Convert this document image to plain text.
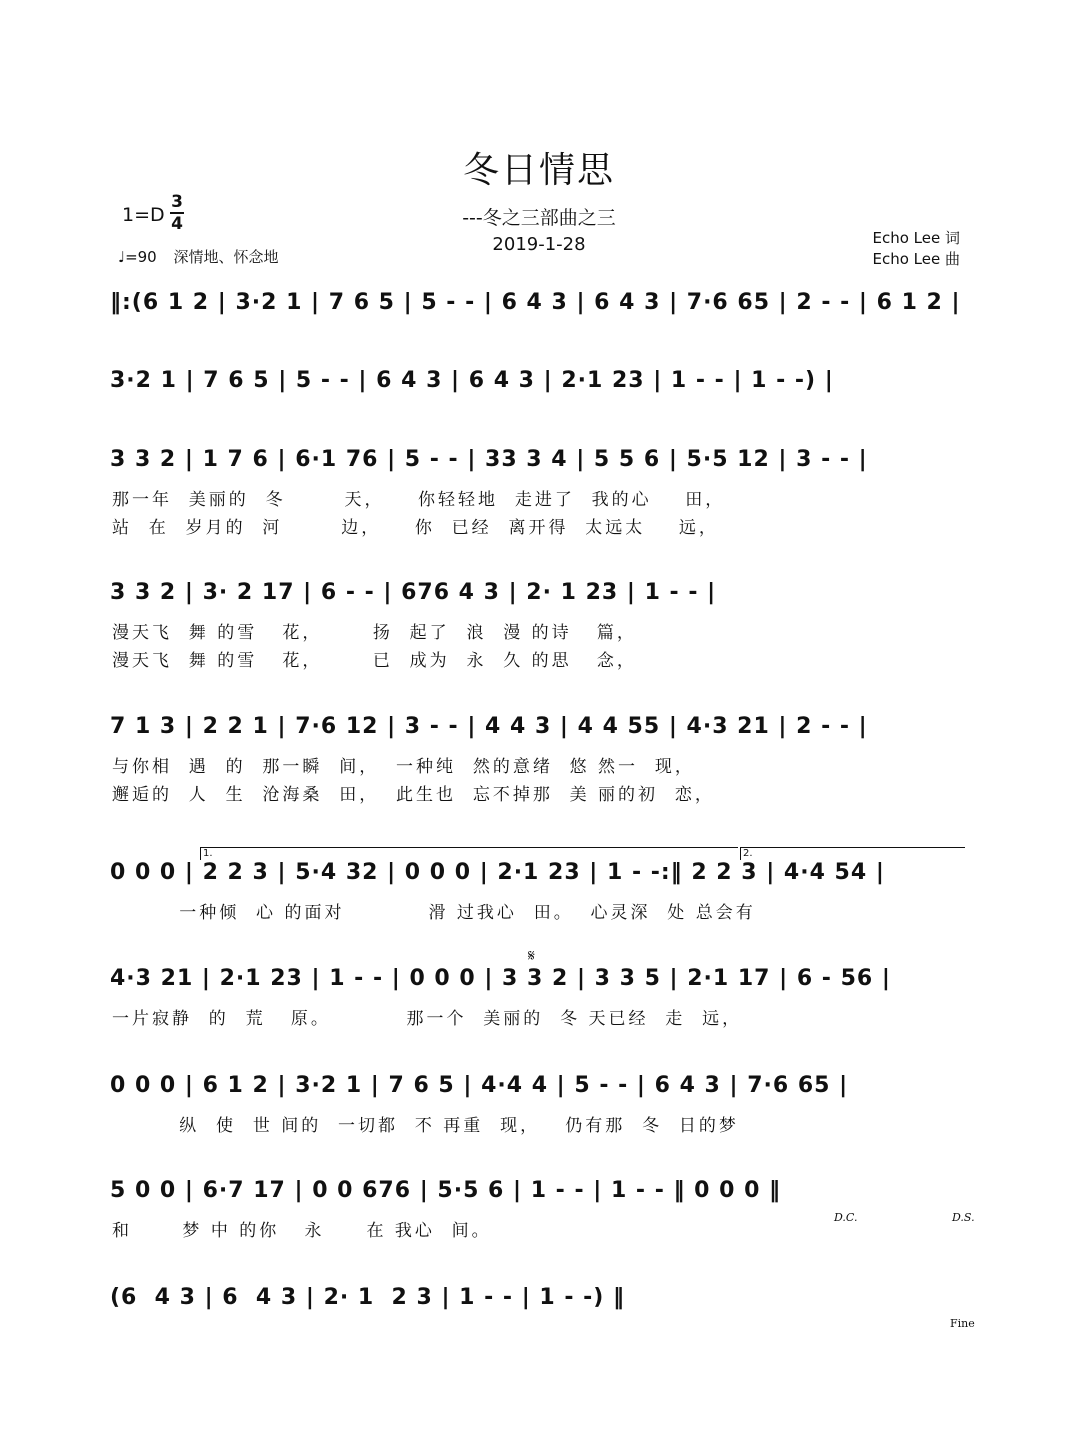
冬日情思
---冬之三部曲之三
2019-1-28
1=D
3
4
♩=90 深情地、怀念地
Echo Lee 词
Echo Lee 曲
‖:(6 1 2 | 3·2 1 | 7 6 5 | 5 - - | 6 4 3 | 6 4 3 | 7·6 65 | 2 - - | 6 1 2 |
3·2 1 | 7 6 5 | 5 - - | 6 4 3 | 6 4 3 | 2·1 23 | 1 - - | 1 - -) |
3 3 2 | 1 7 6 | 6·1 76 | 5 - - | 33 3 4 | 5 5 6 | 5·5 12 | 3 - - |
那一年  美丽的  冬       天，    你轻轻地  走进了  我的心    田，
站  在  岁月的  河       边，    你  已经  离开得  太远太    远，
3 3 2 | 3· 2 17 | 6 - - | 676 4 3 | 2· 1 23 | 1 - - |
漫天飞  舞 的雪   花，      扬  起了  浪  漫 的诗   篇，
漫天飞  舞 的雪   花，      已  成为  永  久 的思   念，
7 1 3 | 2 2 1 | 7·6 12 | 3 - - | 4 4 3 | 4 4 55 | 4·3 21 | 2 - - |
与你相  遇  的  那一瞬  间，  一种纯  然的意绪  悠 然一  现，
邂逅的  人  生  沧海桑  田，  此生也  忘不掉那  美 丽的初  恋，
0 0 0 | 2 2 3 | 5·4 32 | 0 0 0 | 2·1 23 | 1 - -:‖ 2 2 3 | 4·4 54 |
一种倾  心 的面对          滑 过我心  田。  心灵深  处 总会有
4·3 21 | 2·1 23 | 1 - - | 0 0 0 | 3 3 2 | 3 3 5 | 2·1 17 | 6 - 56 |
一片寂静  的  荒   原。         那一个  美丽的  冬 天已经  走  远，
0 0 0 | 6 1 2 | 3·2 1 | 7 6 5 | 4·4 4 | 5 - - | 6 4 3 | 7·6 65 |
纵  使  世 间的  一切都  不 再重  现，   仍有那  冬  日的梦
5 0 0 | 6·7 17 | 0 0 676 | 5·5 6 | 1 - - | 1 - - ‖ 0 0 0 ‖
和      梦 中 的你   永     在 我心  间。
(6  4 3 | 6  4 3 | 2· 1  2 3 | 1 - - | 1 - -) ‖
1.	2.
𝄋
D.C.	D.S.
Fine
